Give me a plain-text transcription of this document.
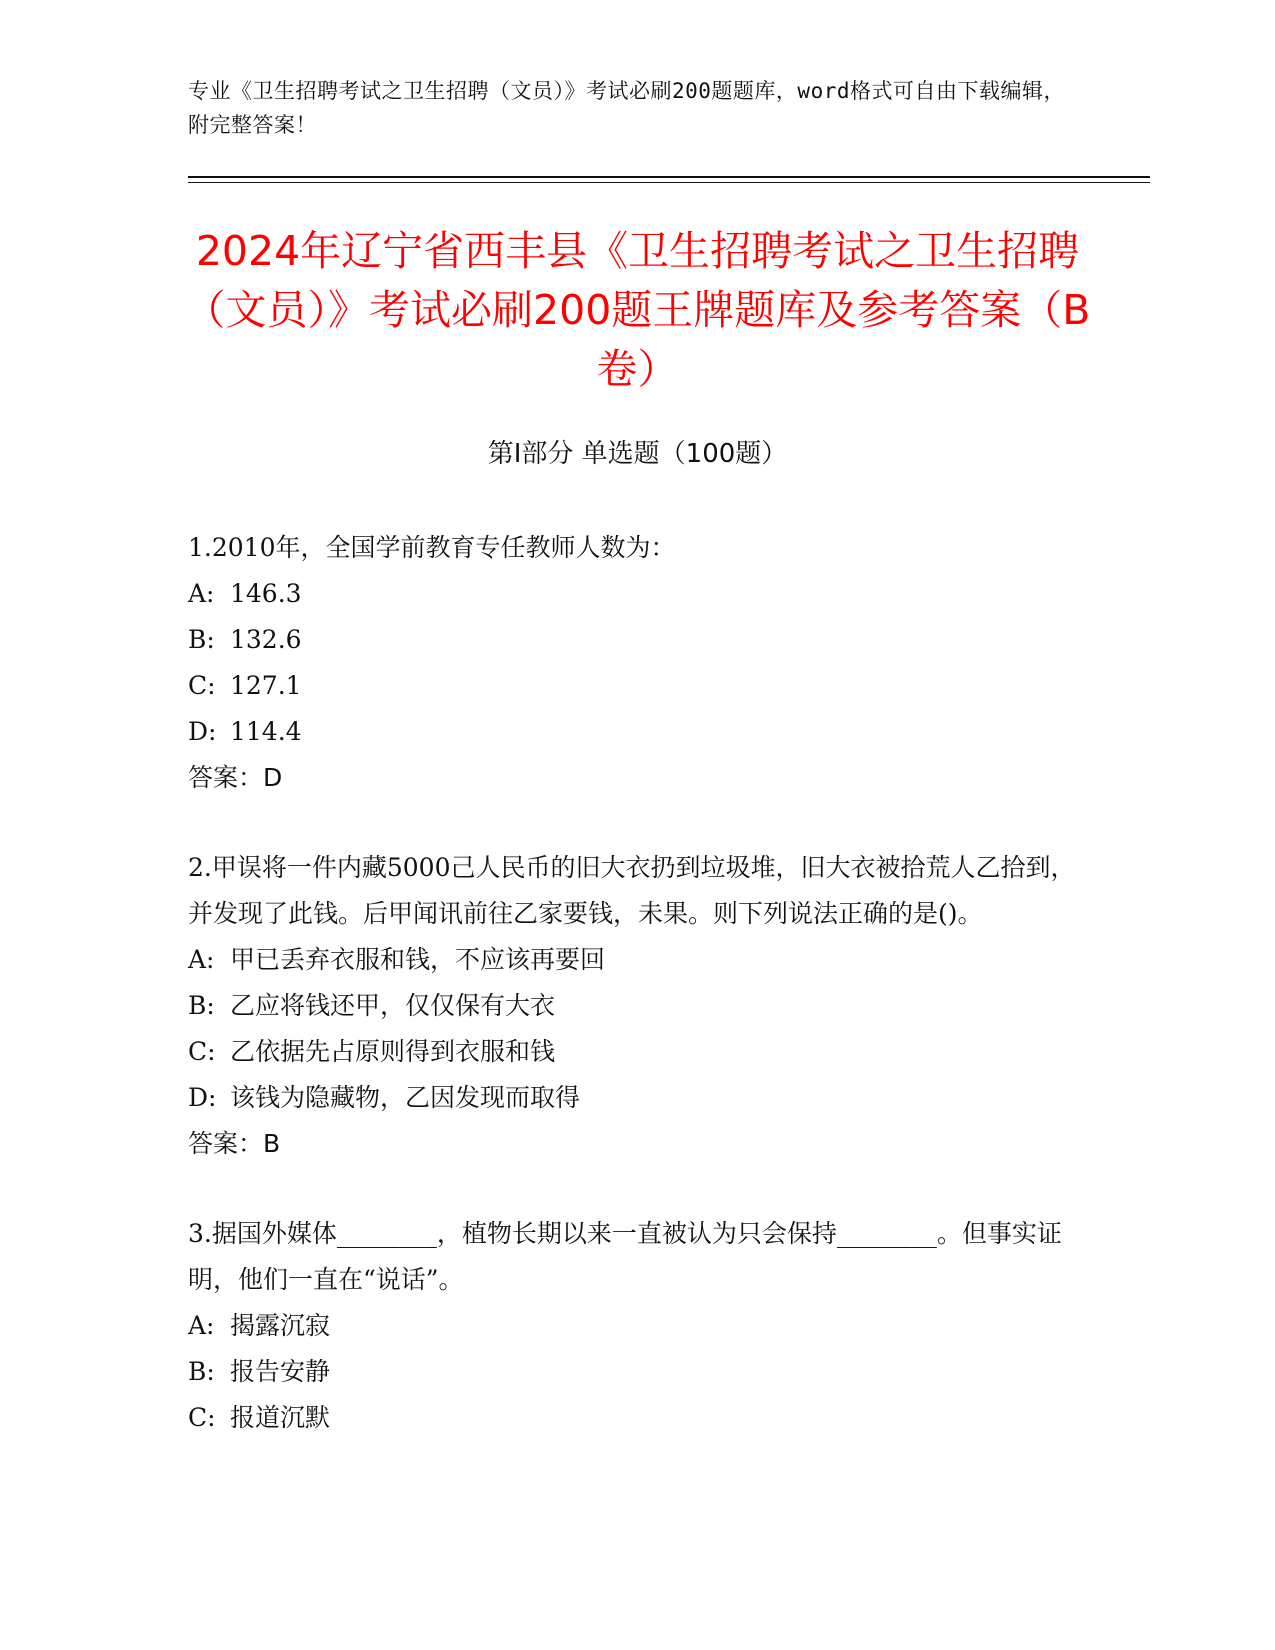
专业《卫生招聘考试之卫生招聘（文员）》考试必刷200题题库，word格式可自由下载编辑，附完整答案！
2024年辽宁省西丰县《卫生招聘考试之卫生招聘（文员）》考试必刷200题王牌题库及参考答案（B卷）
第Ⅰ部分 单选题（100题）

1.2010年，全国学前教育专任教师人数为：

A: 146.3

B: 132.6

C: 127.1

D: 114.4

答案：D

2.甲误将一件内藏5000己人民币的旧大衣扔到垃圾堆，旧大衣被拾荒人乙拾到，并发现了此钱。后甲闻讯前往乙家要钱，未果。则下列说法正确的是()。

A: 甲已丢弃衣服和钱，不应该再要回

B: 乙应将钱还甲，仅仅保有大衣

C: 乙依据先占原则得到衣服和钱

D: 该钱为隐藏物，乙因发现而取得

答案：B

3.据国外媒体________，植物长期以来一直被认为只会保持________。但事实证明，他们一直在“说话”。

A: 揭露沉寂

B: 报告安静

C: 报道沉默
